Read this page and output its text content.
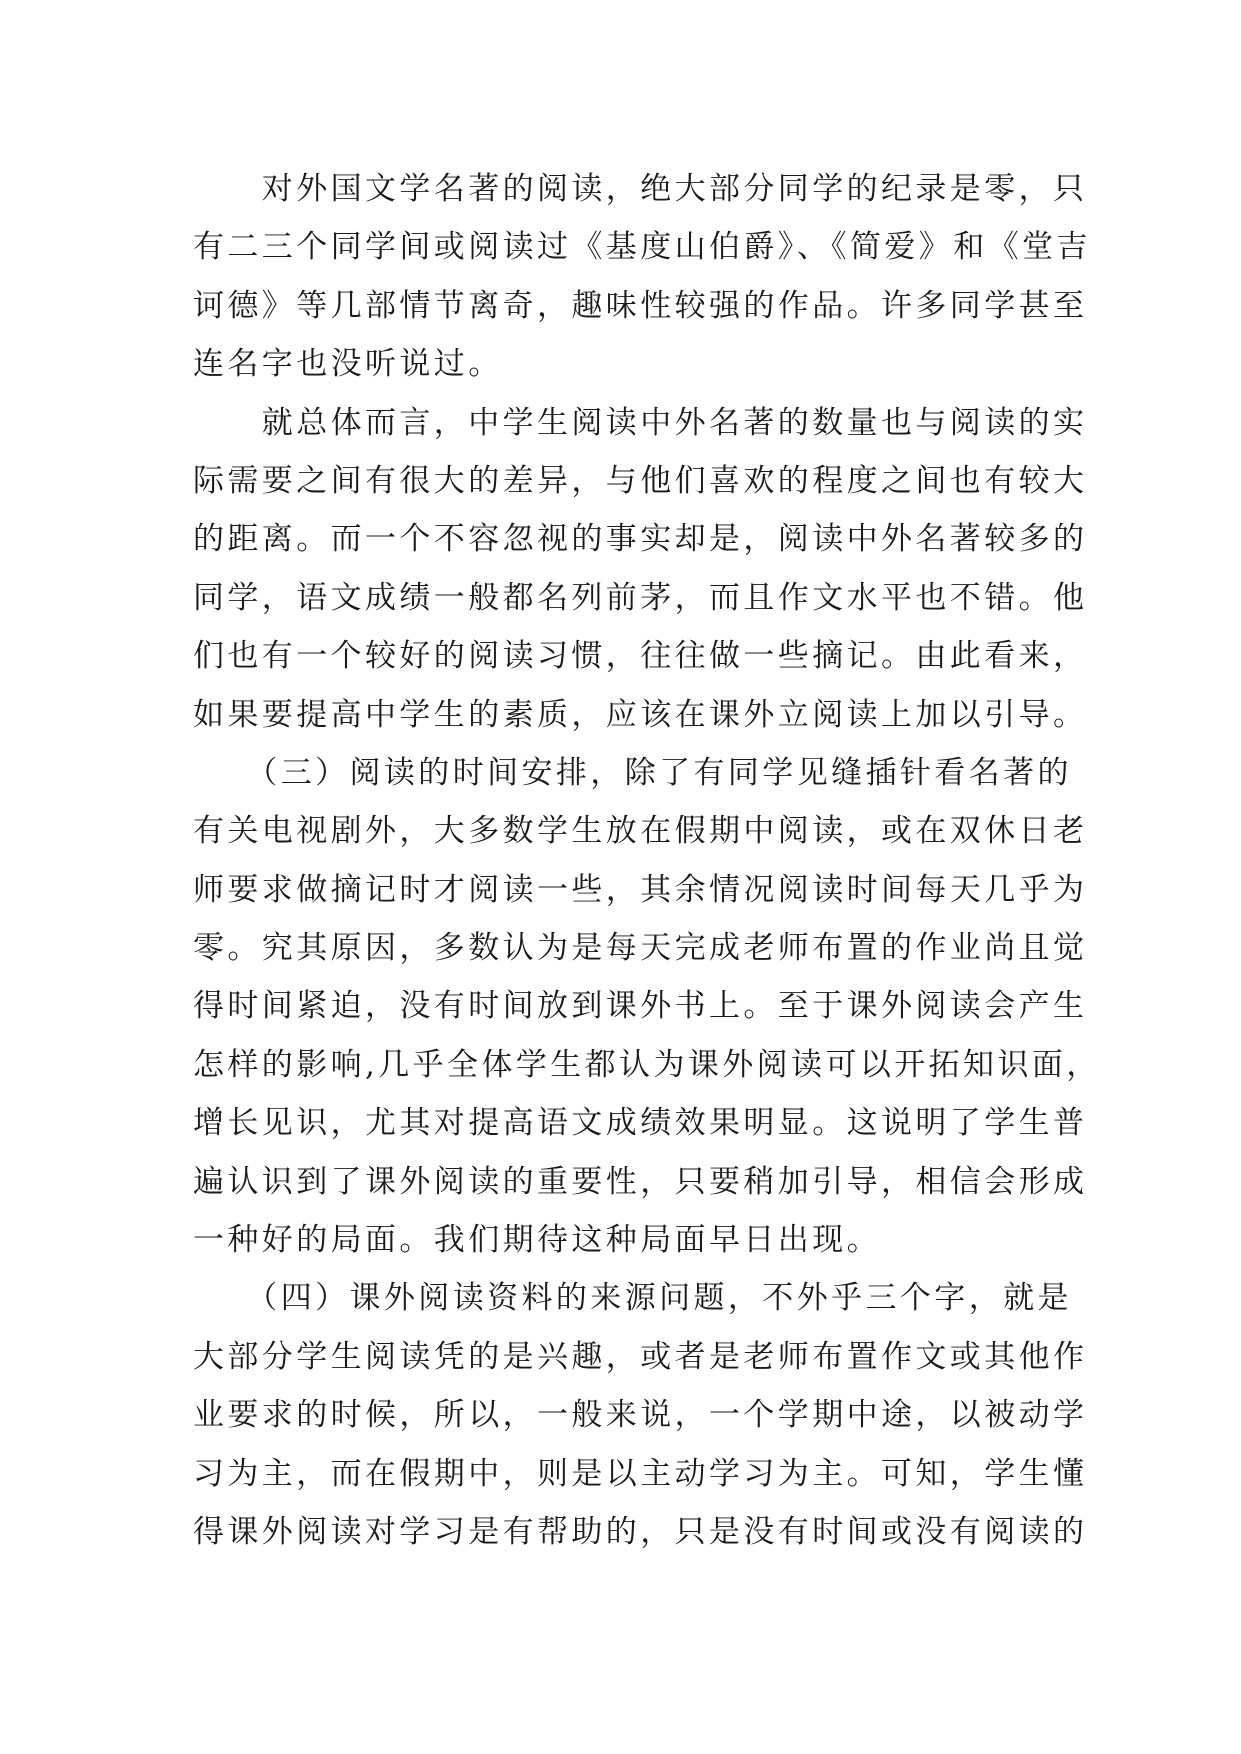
　　对外国文学名著的阅读，绝大部分同学的纪录是零，只
有二三个同学间或阅读过《基度山伯爵》、《简爱》和《堂吉
诃德》等几部情节离奇，趣味性较强的作品。许多同学甚至
连名字也没听说过。
　　就总体而言，中学生阅读中外名著的数量也与阅读的实
际需要之间有很大的差异，与他们喜欢的程度之间也有较大
的距离。而一个不容忽视的事实却是，阅读中外名著较多的
同学，语文成绩一般都名列前茅，而且作文水平也不错。他
们也有一个较好的阅读习惯，往往做一些摘记。由此看来，
如果要提高中学生的素质，应该在课外立阅读上加以引导。
　　（三）阅读的时间安排，除了有同学见缝插针看名著的
有关电视剧外，大多数学生放在假期中阅读，或在双休日老
师要求做摘记时才阅读一些，其余情况阅读时间每天几乎为
零。究其原因，多数认为是每天完成老师布置的作业尚且觉
得时间紧迫，没有时间放到课外书上。至于课外阅读会产生
怎样的影响,几乎全体学生都认为课外阅读可以开拓知识面，
增长见识，尤其对提高语文成绩效果明显。这说明了学生普
遍认识到了课外阅读的重要性，只要稍加引导，相信会形成
一种好的局面。我们期待这种局面早日出现。
　　（四）课外阅读资料的来源问题，不外乎三个字，就是
大部分学生阅读凭的是兴趣，或者是老师布置作文或其他作
业要求的时候，所以，一般来说，一个学期中途，以被动学
习为主，而在假期中，则是以主动学习为主。可知，学生懂
得课外阅读对学习是有帮助的，只是没有时间或没有阅读的
